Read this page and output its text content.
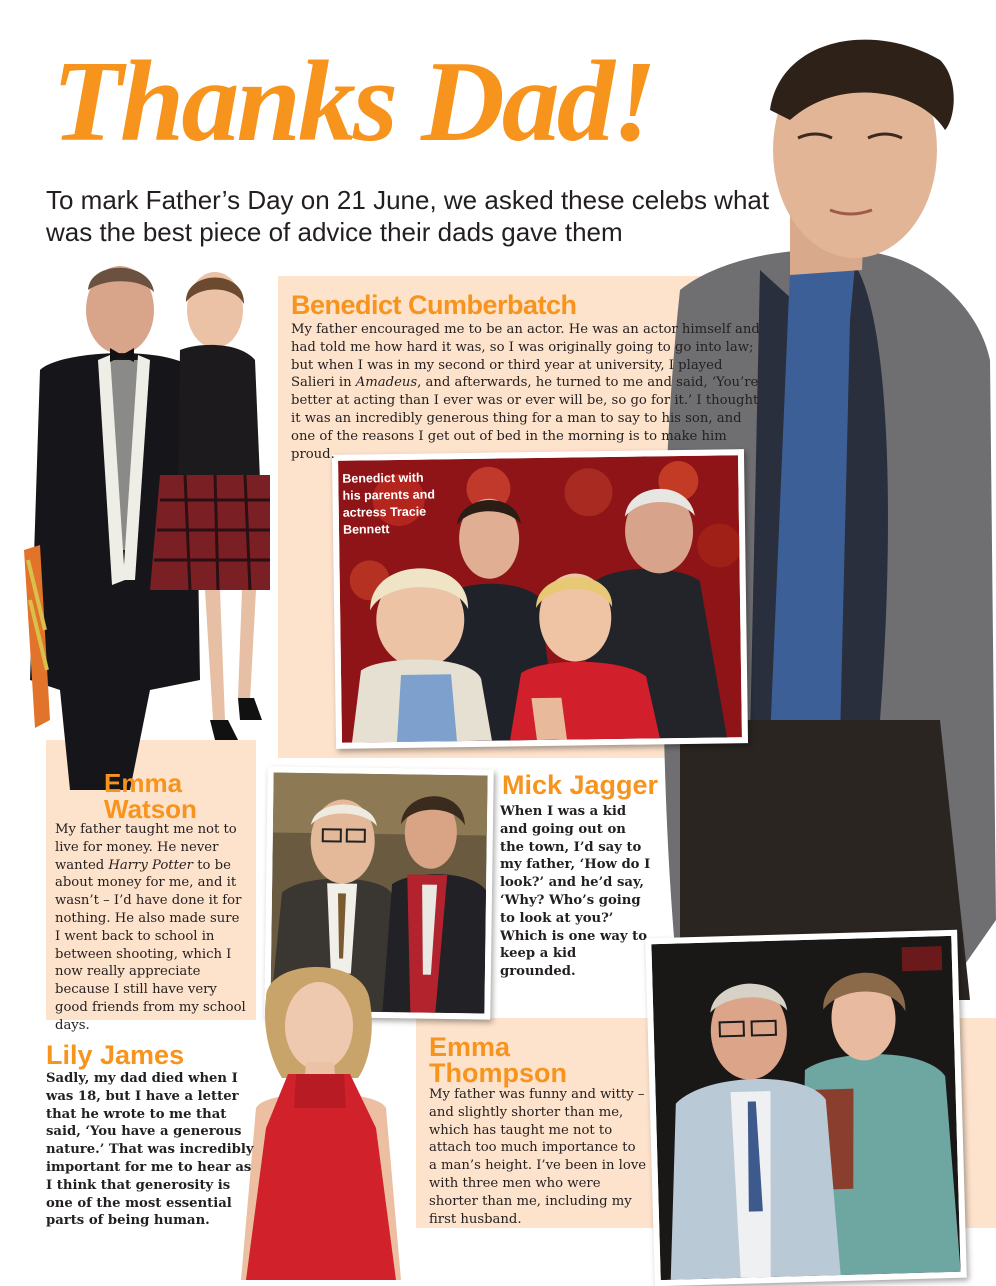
Thanks Dad!
To mark Father’s Day on 21 June, we asked these celebs what was the best piece of advice their dads gave them
Benedict with his parents and actress Tracie Bennett
Benedict Cumberbatch
My father encouraged me to be an actor. He was an actor himself and had told me how hard it was, so I was originally going to go into law; but when I was in my second or third year at university, I played Salieri in Amadeus, and afterwards, he turned to me and said, ‘You’re better at acting than I ever was or ever will be, so go for it.’ I thought it was an incredibly generous thing for a man to say to his son, and one of the reasons I get out of bed in the morning is to make him proud.
Emma
Watson
My father taught me not to live for money. He never wanted Harry Potter to be about money for me, and it wasn’t – I’d have done it for nothing. He also made sure I went back to school in between shooting, which I now really appreciate because I still have very good friends from my school days.
Mick Jagger
When I was a kid and going out on the town, I’d say to my father, ‘How do I look?’ and he’d say, ‘Why? Who’s going to look at you?’ Which is one way to keep a kid grounded.
Emma
Thompson
My father was funny and witty – and slightly shorter than me, which has taught me not to attach too much importance to a man’s height. I’ve been in love with three men who were shorter than me, including my first husband.
Lily James
Sadly, my dad died when I was 18, but I have a letter that he wrote to me that said, ‘You have a generous nature.’ That was incredibly important for me to hear as I think that generosity is one of the most essential parts of being human.
